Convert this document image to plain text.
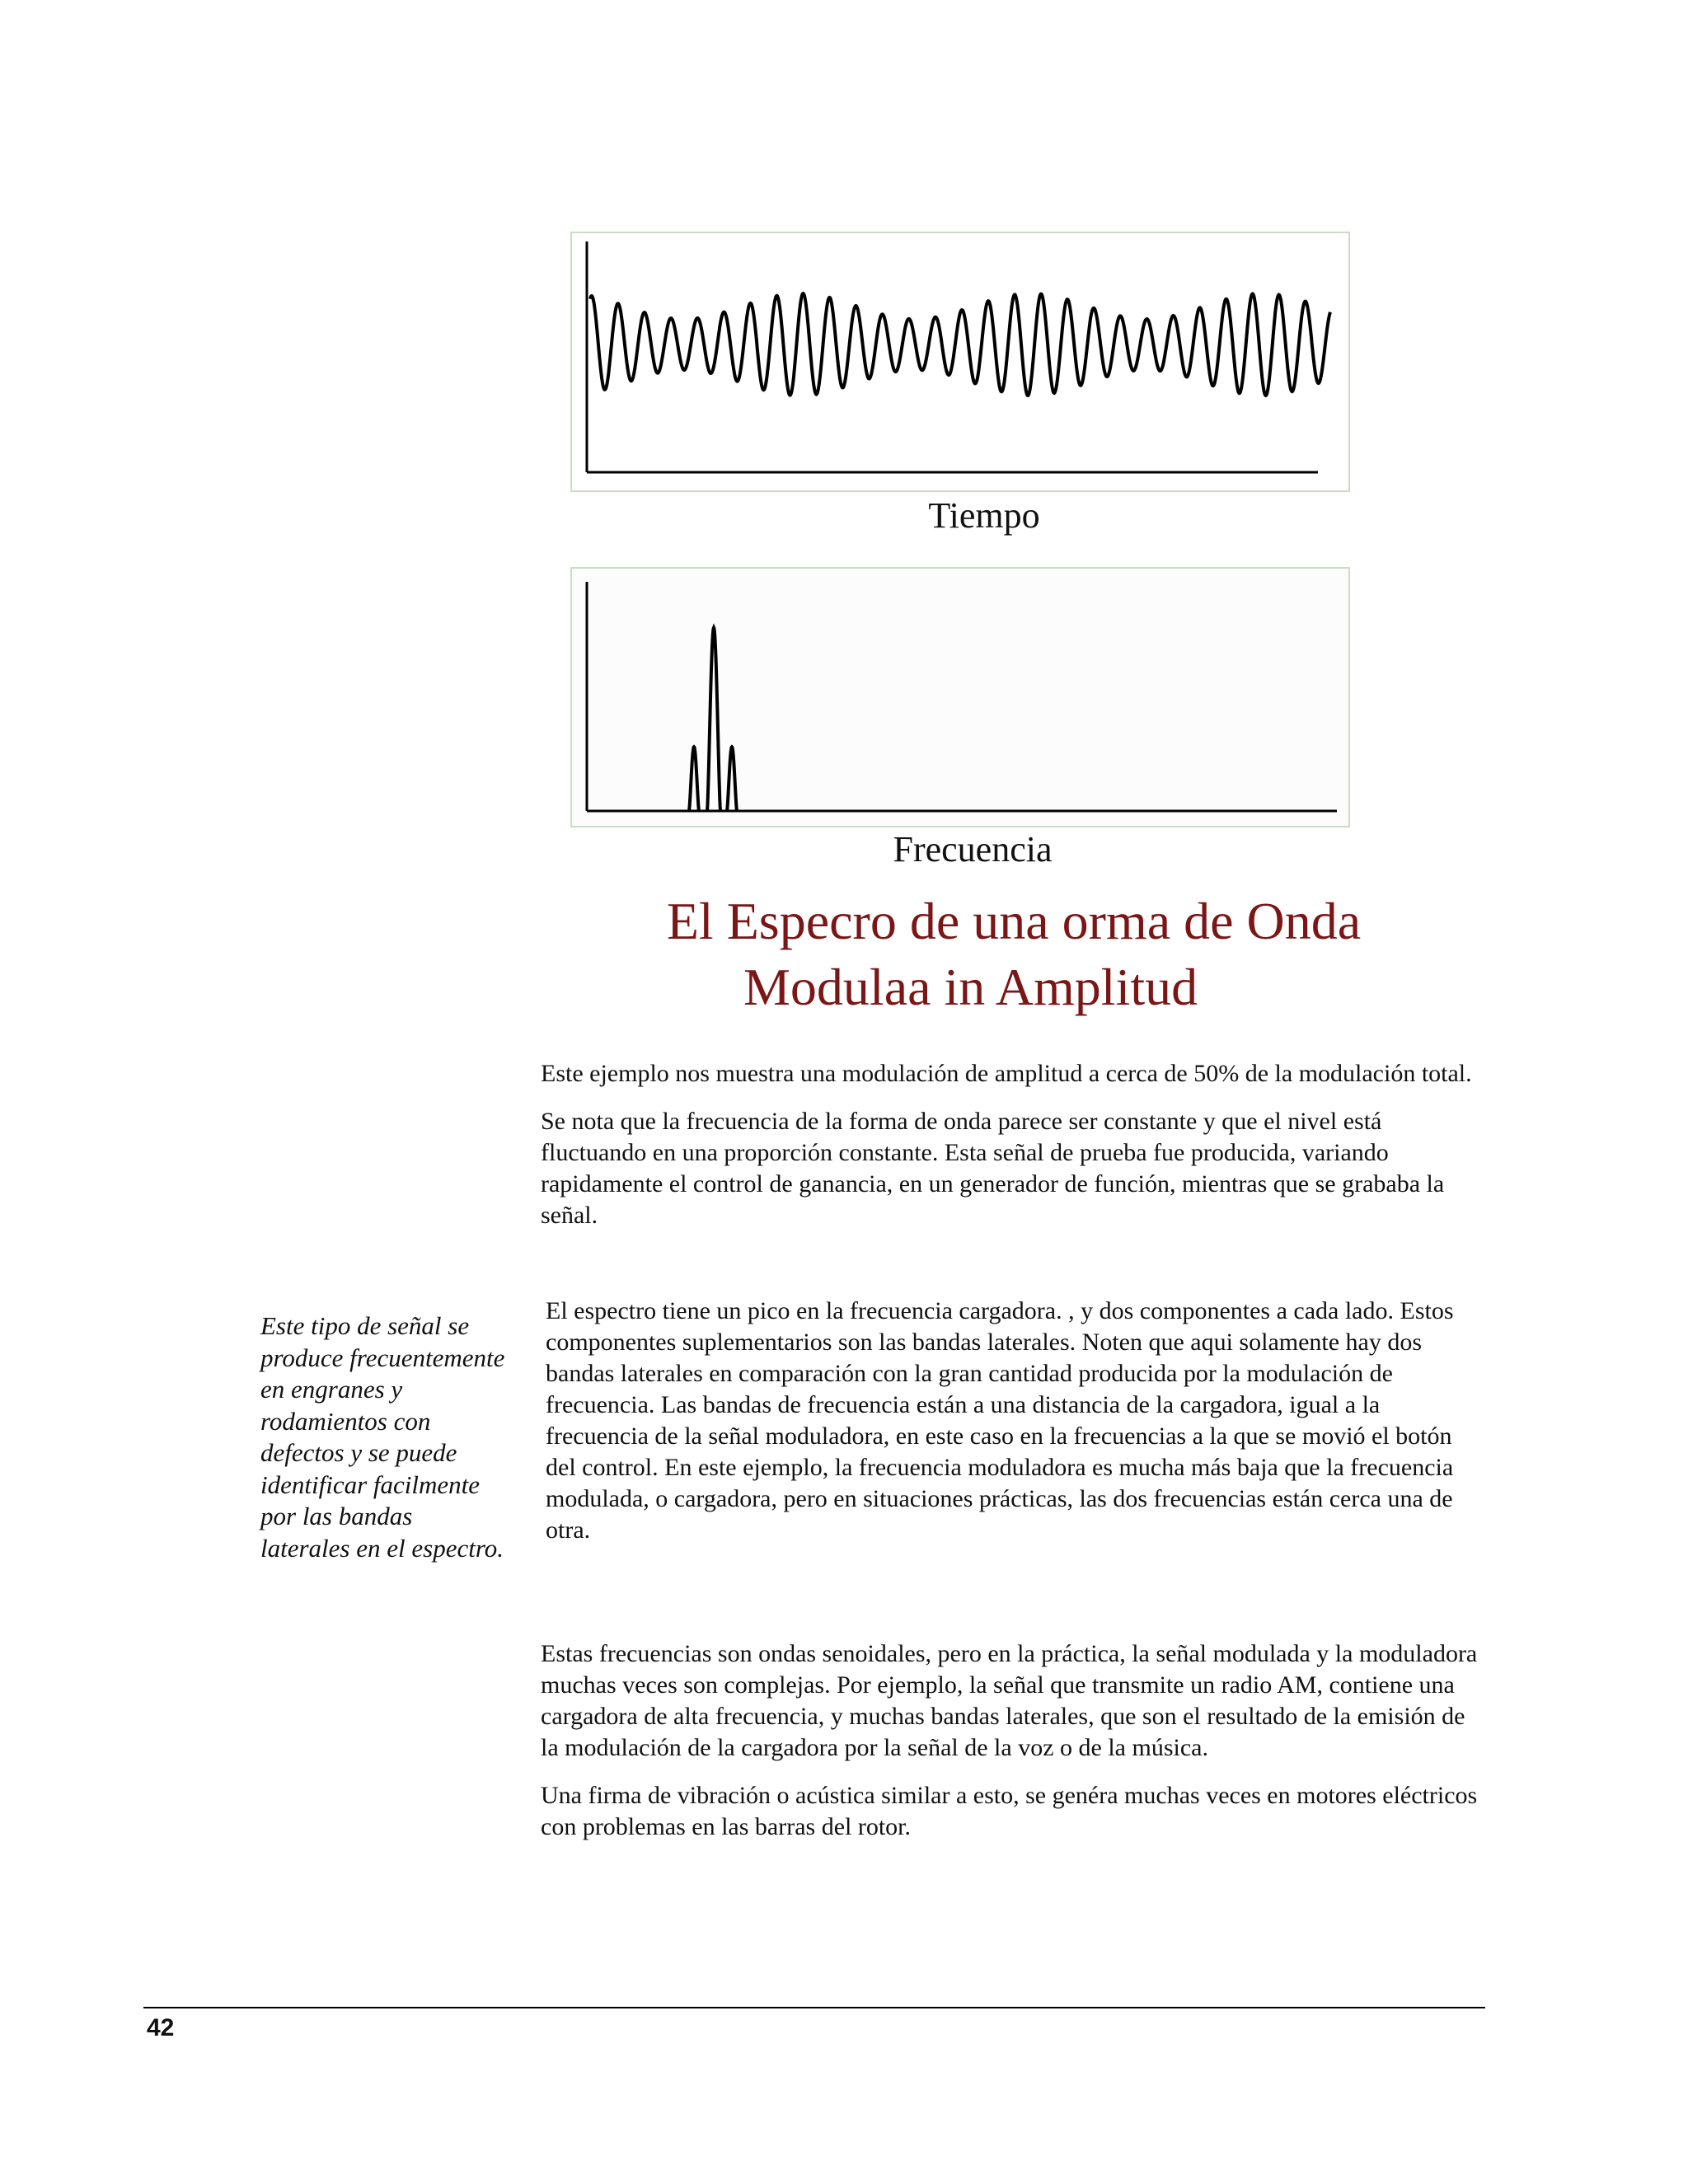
Tiempo
Frecuencia
El Especro de una orma de Onda
Modulaa in Amplitud

Este ejemplo nos muestra una modulación de amplitud a cerca de 50% de la modulación total.

Se nota que la frecuencia de la forma de onda parece ser constante y que el nivel está fluctuando en una proporción constante. Esta señal de prueba fue producida, variando rapidamente el control de ganancia, en un generador de función, mientras que se grababa la señal.

El espectro tiene un pico en la frecuencia cargadora. , y dos componentes a cada lado. Estos componentes suplementarios son las bandas laterales. Noten que aqui solamente hay dos bandas laterales en comparación con la gran cantidad producida por la modulación de frecuencia. Las bandas de frecuencia están a una distancia de la cargadora, igual a la frecuencia de la señal moduladora, en este caso en la frecuencias a la que se movió el botón del control. En este ejemplo, la frecuencia moduladora es mucha más baja que la frecuencia modulada, o cargadora, pero en situaciones prácticas, las dos frecuencias están cerca una de otra.

Este tipo de señal se produce frecuentemente en engranes y rodamientos con defectos y se puede identificar facilmente por las bandas laterales en el espectro.

Estas frecuencias son ondas senoidales, pero en la práctica, la señal modulada y la moduladora muchas veces son complejas. Por ejemplo, la señal que transmite un radio AM, contiene una cargadora de alta frecuencia, y muchas bandas laterales, que son el resultado de la emisión de la modulación de la cargadora por la señal de la voz o de la música.

Una firma de vibración o acústica similar a esto, se genéra muchas veces en motores eléctricos con problemas en las barras del rotor.

42
